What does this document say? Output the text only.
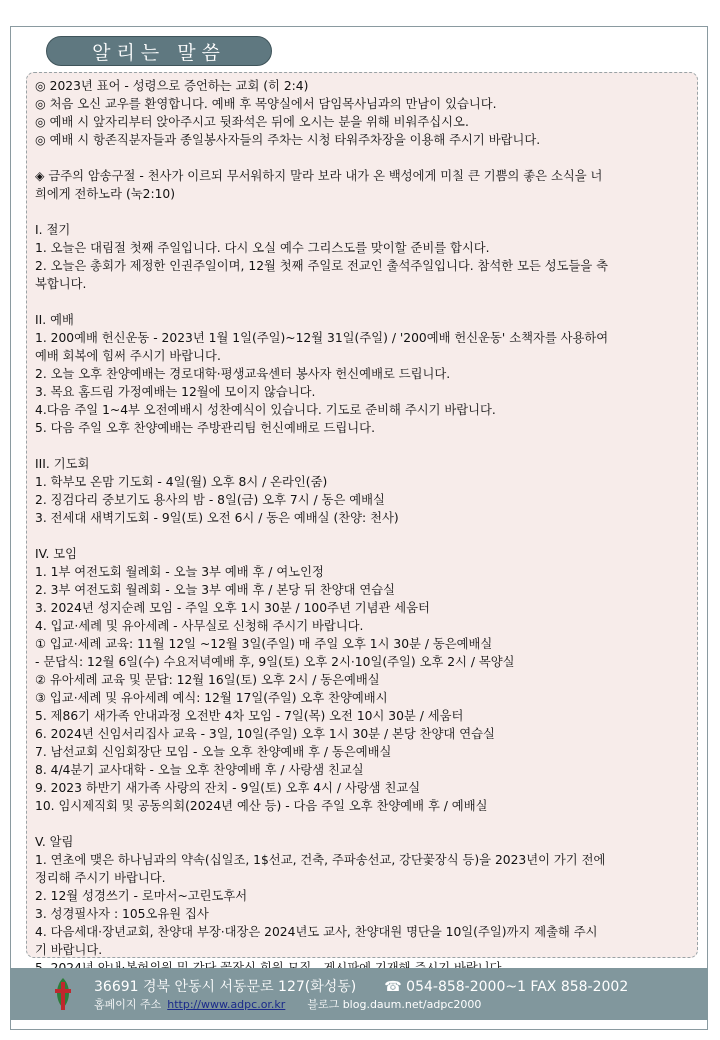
알리는 말씀

◎ 2023년 표어 - 성령으로 증언하는 교회 (히 2:4)

◎ 처음 오신 교우를 환영합니다. 예배 후 목양실에서 담임목사님과의 만남이 있습니다.

◎ 예배 시 앞자리부터 앉아주시고 뒷좌석은 뒤에 오시는 분을 위해 비워주십시오.

◎ 예배 시 항존직분자들과 종일봉사자들의 주차는 시청 타워주차장을 이용해 주시기 바랍니다.

◈ 금주의 암송구절 - 천사가 이르되 무서워하지 말라 보라 내가 온 백성에게 미칠 큰 기쁨의 좋은 소식을 너

희에게 전하노라 (눅2:10)

I. 절기

1. 오늘은 대림절 첫째 주일입니다. 다시 오실 예수 그리스도를 맞이할 준비를 합시다.

2. 오늘은 총회가 제정한 인권주일이며, 12월 첫째 주일로 전교인 출석주일입니다. 참석한 모든 성도들을 축

복합니다.

II. 예배

1. 200예배 헌신운동 - 2023년 1월 1일(주일)~12월 31일(주일) / '200예배 헌신운동' 소책자를 사용하여

예배 회복에 힘써 주시기 바랍니다.

2. 오늘 오후 찬양예배는 경로대학·평생교육센터 봉사자 헌신예배로 드립니다.

3. 목요 홈드림 가정예배는 12월에 모이지 않습니다.

4.다음 주일 1~4부 오전예배시 성찬예식이 있습니다. 기도로 준비해 주시기 바랍니다.

5. 다음 주일 오후 찬양예배는 주방관리팀 헌신예배로 드립니다.

III. 기도회

1. 학부모 온맘 기도회 - 4일(월) 오후 8시 / 온라인(줌)

2. 징검다리 중보기도 용사의 밤 - 8일(금) 오후 7시 / 동은 예배실

3. 전세대 새벽기도회 - 9일(토) 오전 6시 / 동은 예배실 (찬양: 천사)

IV. 모임

1. 1부 여전도회 월례회 - 오늘 3부 예배 후 / 여노인정

2. 3부 여전도회 월례회 - 오늘 3부 예배 후 / 본당 뒤 찬양대 연습실

3. 2024년 성지순례 모임 - 주일 오후 1시 30분 / 100주년 기념관 세움터

4. 입교·세례 및 유아세례 - 사무실로 신청해 주시기 바랍니다.

① 입교·세례 교육: 11월 12일 ~12월 3일(주일) 매 주일 오후 1시 30분 / 동은예배실

- 문답식: 12월 6일(수) 수요저녁예배 후, 9일(토) 오후 2시·10일(주일) 오후 2시 / 목양실

② 유아세례 교육 및 문답: 12월 16일(토) 오후 2시 / 동은예배실

③ 입교·세례 및 유아세례 예식: 12월 17일(주일) 오후 찬양예배시

5. 제86기 새가족 안내과정 오전반 4차 모임 - 7일(목) 오전 10시 30분 / 세움터

6. 2024년 신임서리집사 교육 - 3일, 10일(주일) 오후 1시 30분 / 본당 찬양대 연습실

7. 남선교회 신임회장단 모임 - 오늘 오후 찬양예배 후 / 동은예배실

8. 4/4분기 교사대학 - 오늘 오후 찬양예배 후 / 사랑샘 친교실

9. 2023 하반기 새가족 사랑의 잔치 - 9일(토) 오후 4시 / 사랑샘 친교실

10. 임시제직회 및 공동의회(2024년 예산 등) - 다음 주일 오후 찬양예배 후 / 예배실

V. 알림

1. 연초에 맺은 하나님과의 약속(십일조, 1$선교, 건축, 주파송선교, 강단꽃장식 등)을 2023년이 가기 전에

정리해 주시기 바랍니다.

2. 12월 성경쓰기 - 로마서~고린도후서

3. 성경필사자 : 105오유원 집사

4. 다음세대·장년교회, 찬양대 부장·대장은 2024년도 교사, 찬양대원 명단을 10일(주일)까지 제출해 주시

기 바랍니다.

36691 경북 안동시 서동문로 127(화성동) ☎ 054-858-2000~1 FAX 858-2002
홈페이지 주소 http://www.adpc.or.kr 블로그 blog.daum.net/adpc2000
